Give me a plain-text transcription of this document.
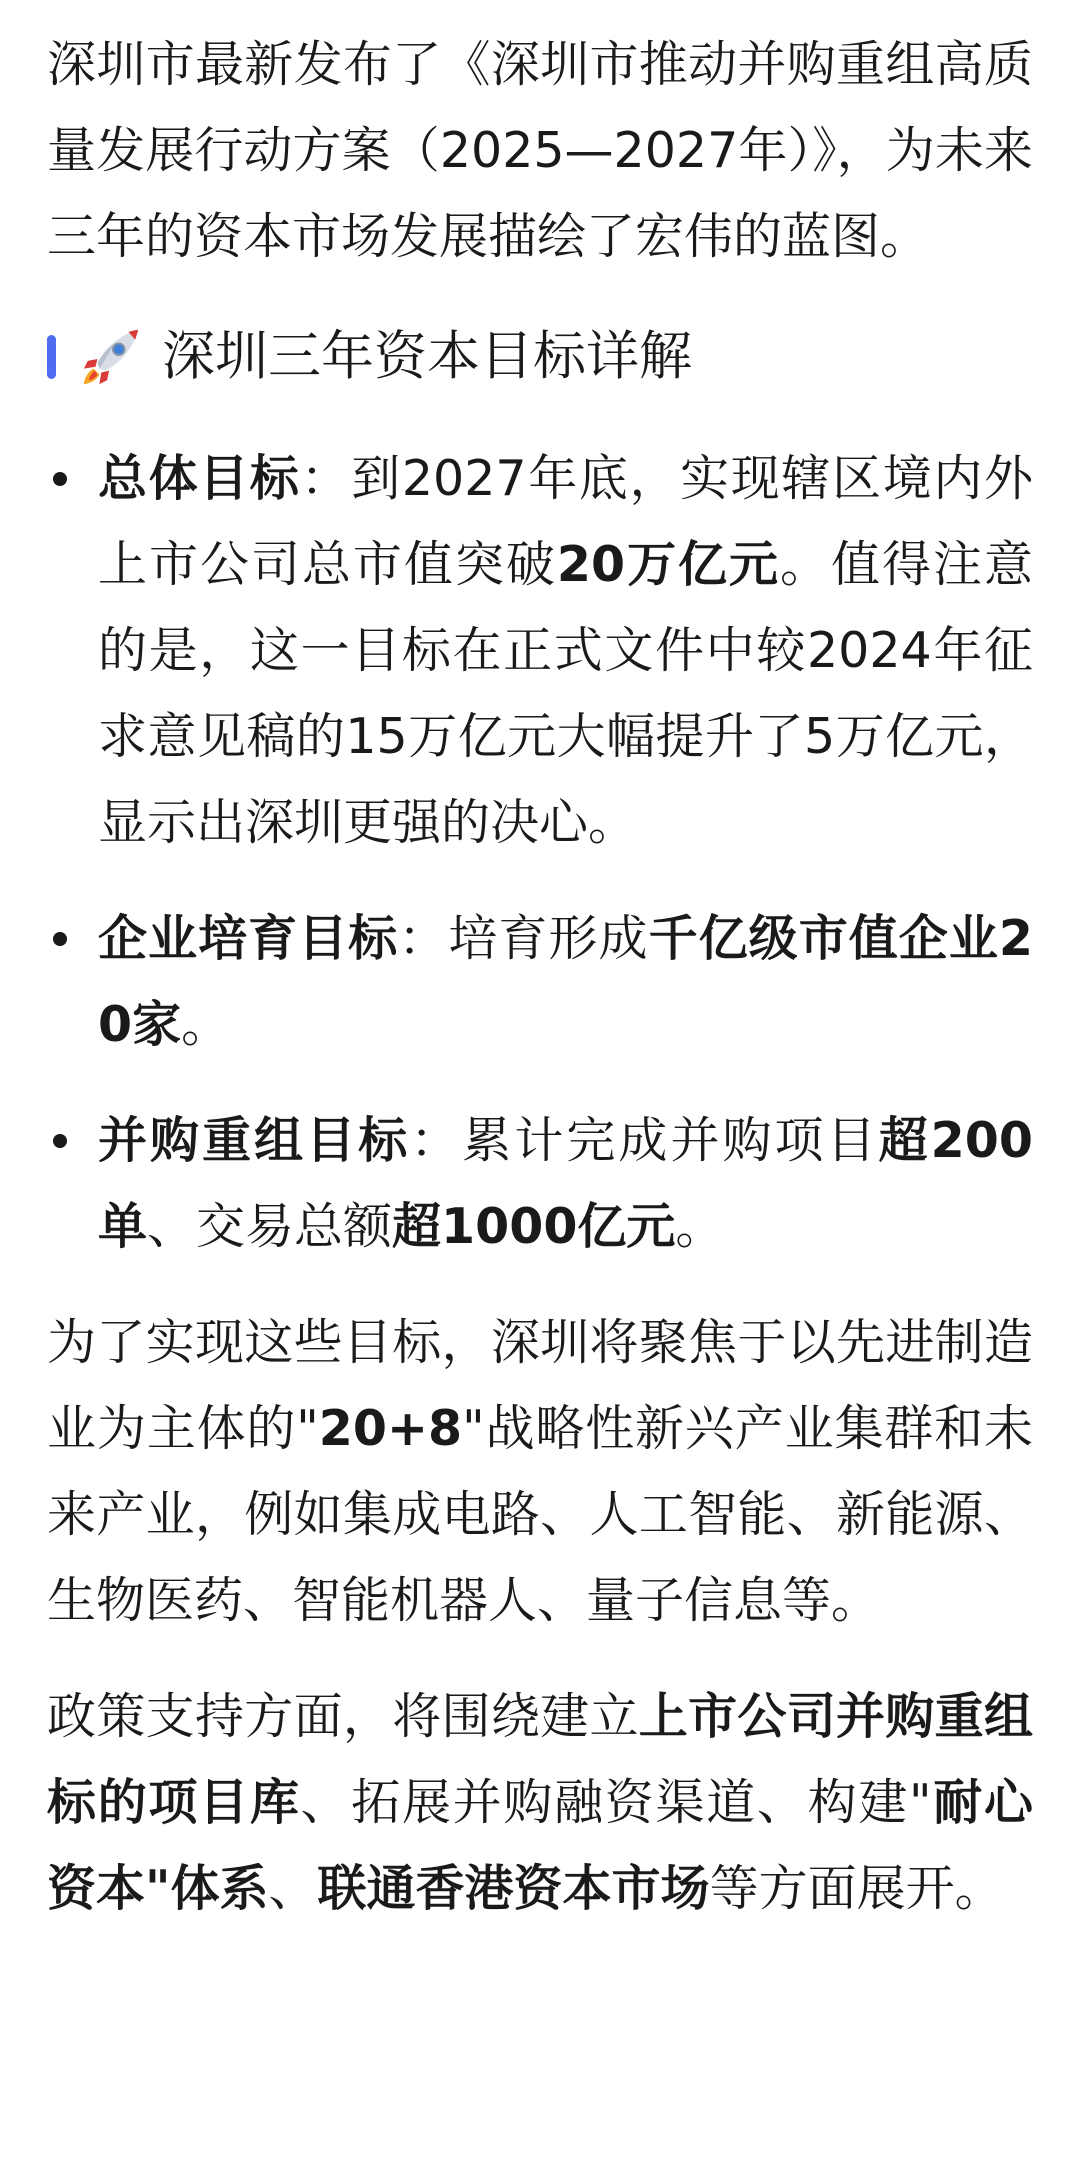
深圳市最新发布了《深圳市推动并购重组高质量发展行动方案（2025—2027年）》，为未来三年的资本市场发展描绘了宏伟的蓝图。

深圳三年资本目标详解
总体目标：到2027年底，实现辖区境内外上市公司总市值突破20万亿元。值得注意的是，这一目标在正式文件中较2024年征求意见稿的15万亿元大幅提升了5万亿元，显示出深圳更强的决心。
企业培育目标：培育形成千亿级市值企业20家。
并购重组目标：累计完成并购项目超200单、交易总额超1000亿元。

为了实现这些目标，深圳将聚焦于以先进制造业为主体的"20+8"战略性新兴产业集群和未来产业，例如集成电路、人工智能、新能源、生物医药、智能机器人、量子信息等。

政策支持方面，将围绕建立上市公司并购重组标的项目库、拓展并购融资渠道、构建"耐心资本"体系、联通香港资本市场等方面展开。
